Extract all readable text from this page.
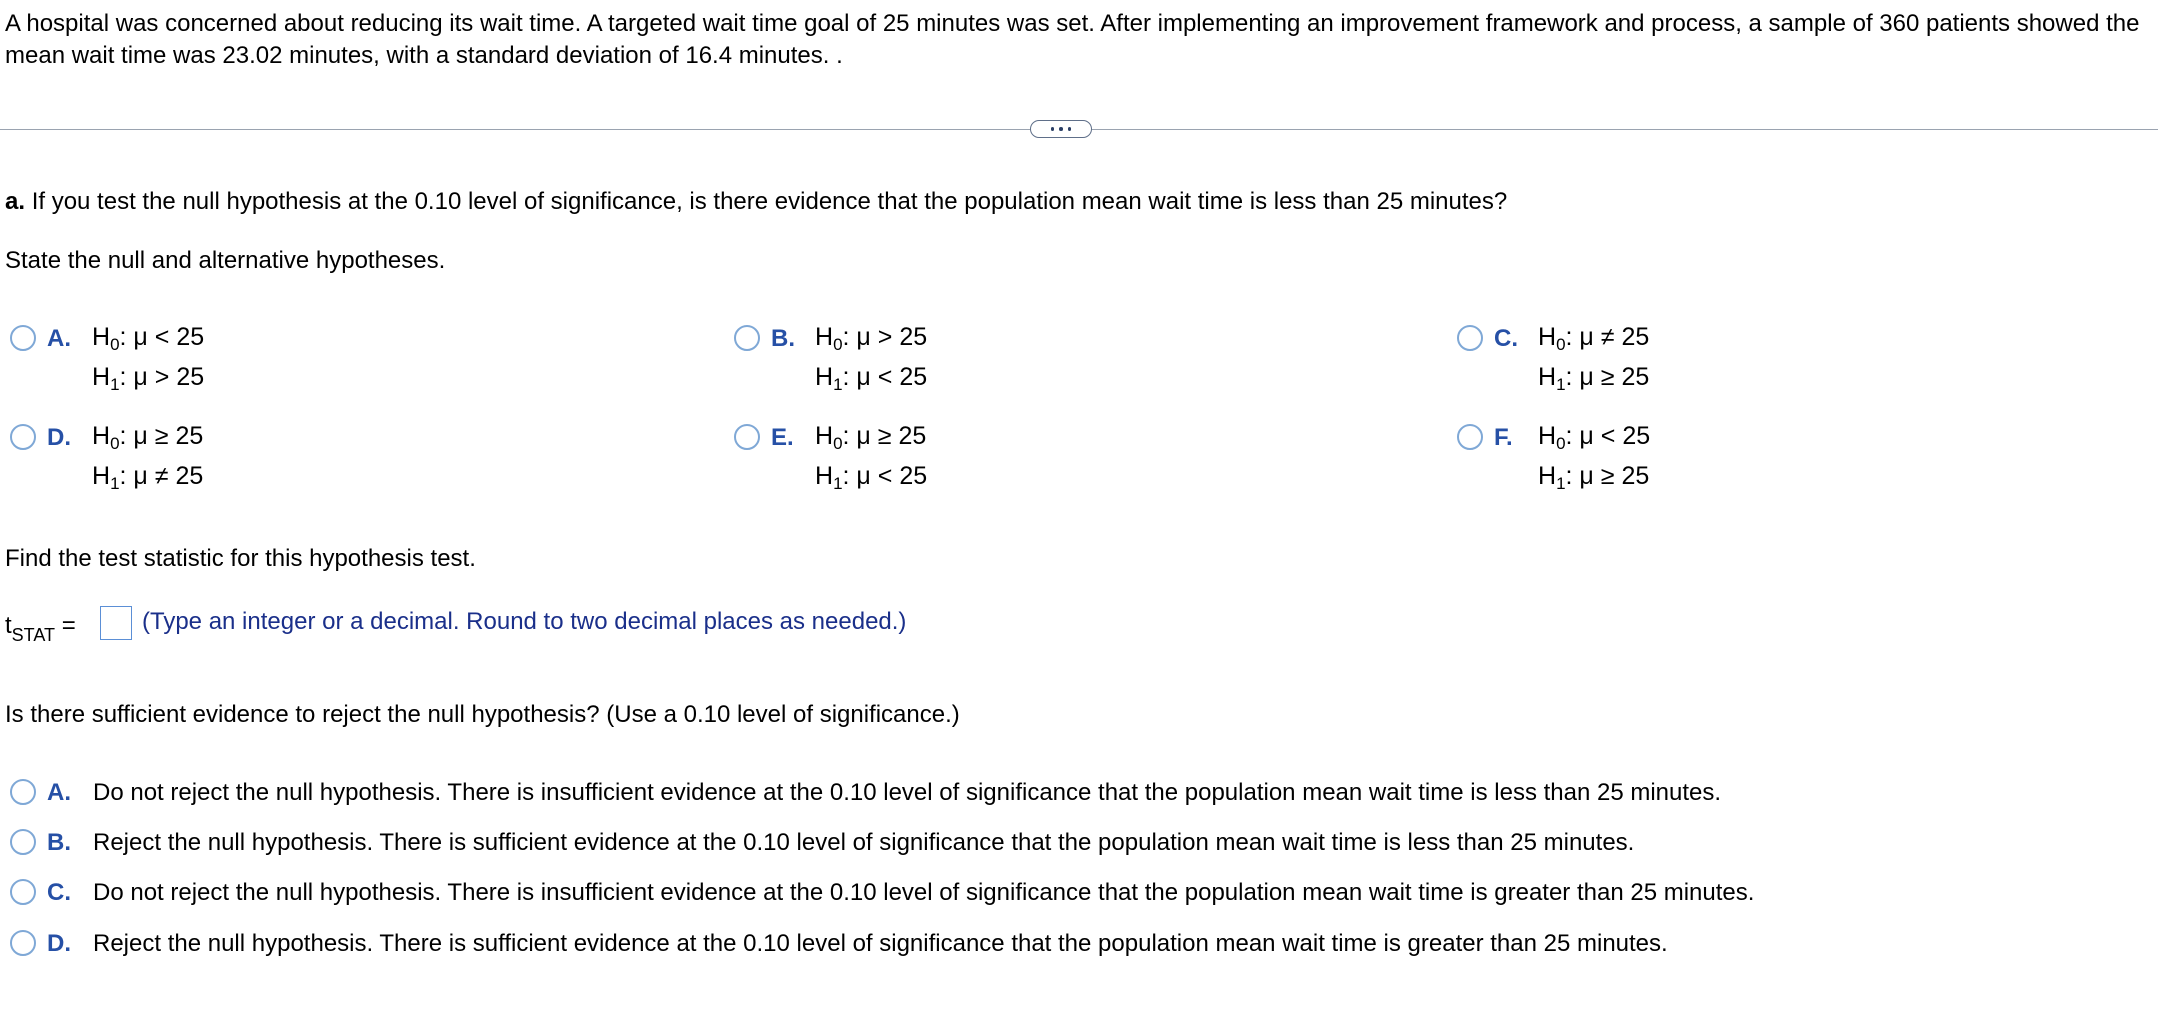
A hospital was concerned about reducing its wait time. A targeted wait time goal of 25 minutes was set. After implementing an improvement framework and process, a sample of 360 patients showed the mean wait time was 23.02 minutes, with a standard deviation of 16.4 minutes. .
a. If you test the null hypothesis at the 0.10 level of significance, is there evidence that the population mean wait time is less than 25 minutes?
State the null and alternative hypotheses.
A. $H_0$: μ < 25
$H_1$: μ > 25
B. $H_0$: μ > 25
$H_1$: μ < 25
C. $H_0$: μ ≠ 25
$H_1$: μ ≥ 25
D. $H_0$: μ ≥ 25
$H_1$: μ ≠ 25
E. $H_0$: μ ≥ 25
$H_1$: μ < 25
F. $H_0$: μ < 25
$H_1$: μ ≥ 25
Find the test statistic for this hypothesis test.
$t_{STAT}$ =	(Type an integer or a decimal. Round to two decimal places as needed.)
Is there sufficient evidence to reject the null hypothesis? (Use a 0.10 level of significance.)
A. Do not reject the null hypothesis. There is insufficient evidence at the 0.10 level of significance that the population mean wait time is less than 25 minutes.
B. Reject the null hypothesis. There is sufficient evidence at the 0.10 level of significance that the population mean wait time is less than 25 minutes.
C. Do not reject the null hypothesis. There is insufficient evidence at the 0.10 level of significance that the population mean wait time is greater than 25 minutes.
D. Reject the null hypothesis. There is sufficient evidence at the 0.10 level of significance that the population mean wait time is greater than 25 minutes.
